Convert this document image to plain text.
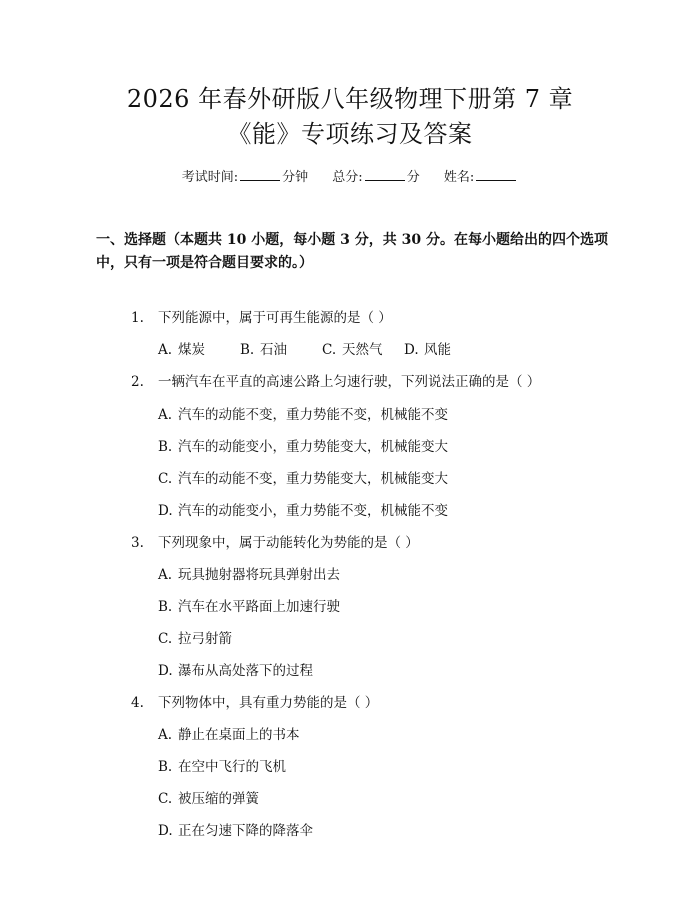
2026 年春外研版八年级物理下册第 7 章
《能》专项练习及答案
考试时间:	分钟 总分:	分 姓名:
一、选择题（本题共 10 小题，每小题 3 分，共 30 分。在每小题给出的四个选项中，只有一项是符合题目要求的。）
1. 下列能源中，属于可再生能源的是（ ）
A. 煤炭	B. 石油	C. 天然气 D. 风能
2. 一辆汽车在平直的高速公路上匀速行驶，下列说法正确的是（ ）
A. 汽车的动能不变，重力势能不变，机械能不变
B. 汽车的动能变小，重力势能变大，机械能变大
C. 汽车的动能不变，重力势能变大，机械能变大
D. 汽车的动能变小，重力势能不变，机械能不变
3. 下列现象中，属于动能转化为势能的是（ ）
A. 玩具抛射器将玩具弹射出去
B. 汽车在水平路面上加速行驶
C. 拉弓射箭
D. 瀑布从高处落下的过程
4. 下列物体中，具有重力势能的是（ ）
A. 静止在桌面上的书本
B. 在空中飞行的飞机
C. 被压缩的弹簧
D. 正在匀速下降的降落伞
